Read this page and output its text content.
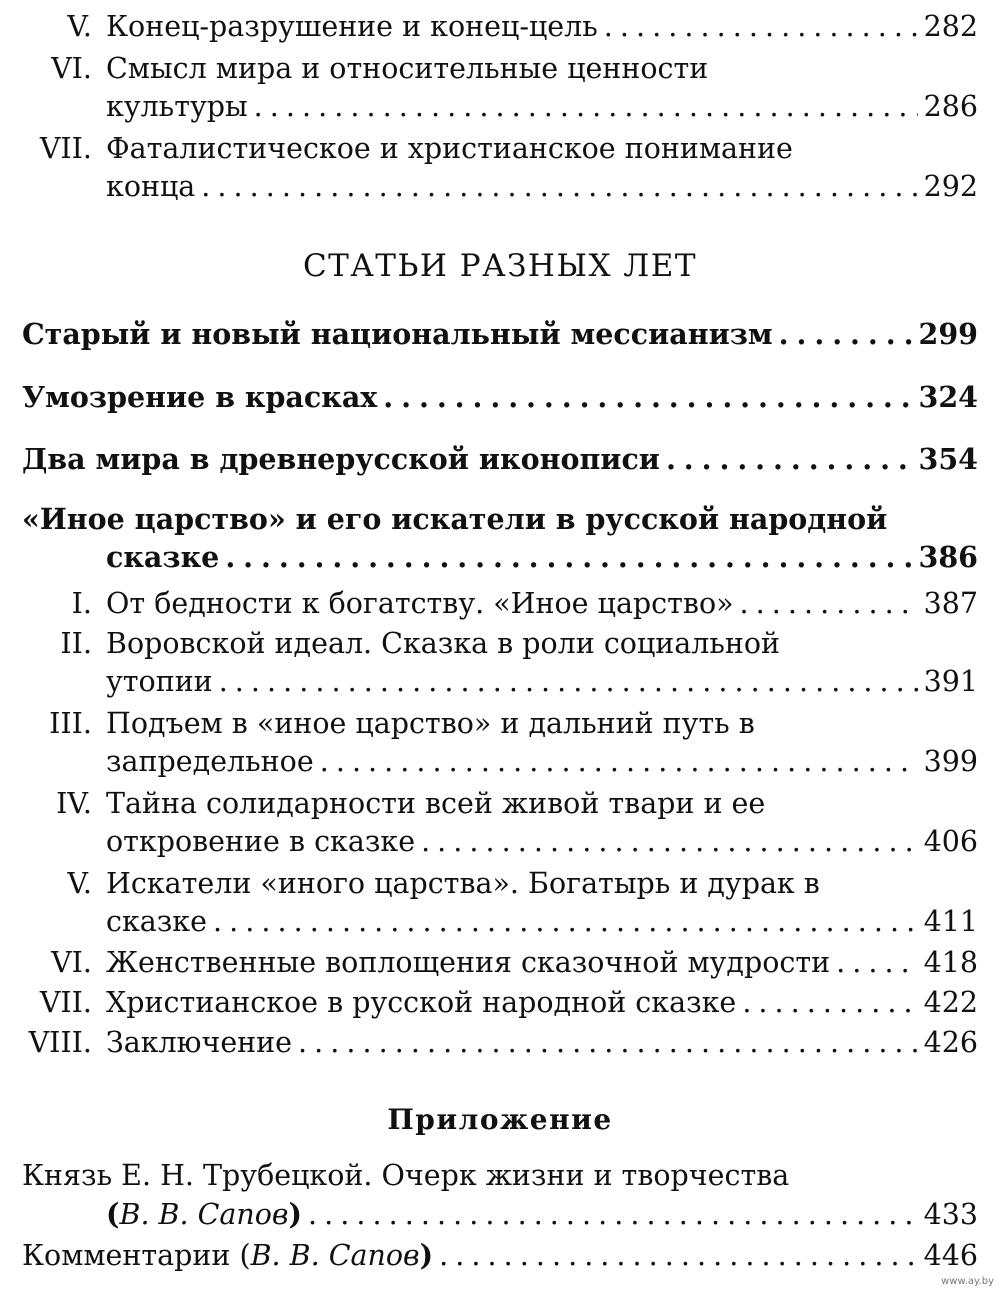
V. Конец-разрушение и конец-цель . . .	282
VI. Смысл мира и относительные ценности
культуры . . .	286
VII. Фаталистическое и христианское понимание
конца . . .	292
СТАТЬИ РАЗНЫХ ЛЕТ
Старый и новый национальный мессианизм . . .	299
Умозрение в красках . . .	324
Два мира в древнерусской иконописи . . .	354
«Иное царство» и его искатели в русской народной
сказке . . .	386
I. От бедности к богатству. «Иное царство» . . .	387
II. Воровской идеал. Сказка в роли социальной
утопии . . .	391
III. Подъем в «иное царство» и дальний путь в
запредельное . . .	399
IV. Тайна солидарности всей живой твари и ее
откровение в сказке . . .	406
V. Искатели «иного царства». Богатырь и дурак в
сказке . . .	411
VI. Женственные воплощения сказочной мудрости . . .	418
VII. Христианское в русской народной сказке . . .	422
VIII. Заключение . . .	426
Приложение
Князь Е. Н. Трубецкой. Очерк жизни и творчества
(В. В. Сапов) . . .	433
Комментарии (В. В. Сапов) . . .	446
www.ay.by
